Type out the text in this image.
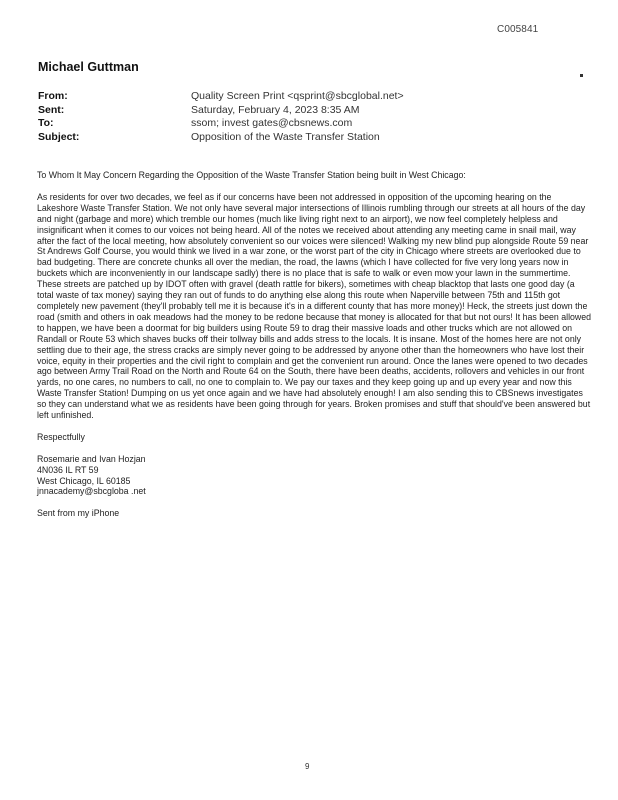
C005841
Michael Guttman
From:	Quality Screen Print <qsprint@sbcglobal.net>
Sent:	Saturday, February 4, 2023 8:35 AM
To:	ssom; invest gates@cbsnews.com
Subject:	Opposition of the Waste Transfer Station

To Whom It May Concern Regarding the Opposition of the Waste Transfer Station being built in West Chicago:

As residents for over two decades, we feel as if our concerns have been not addressed in opposition of the upcoming hearing on the Lakeshore Waste Transfer Station. We not only have several major intersections of Illinois rumbling through our streets at all hours of the day and night (garbage and more) which tremble our homes (much like living right next to an airport), we now feel completely helpless and insignificant when it comes to our voices not being heard. All of the notes we received about attending any meeting came in snail mail, way after the fact of the local meeting, how absolutely convenient so our voices were silenced! Walking my new blind pup alongside Route 59 near St Andrews Golf Course, you would think we lived in a war zone, or the worst part of the city in Chicago where streets are overlooked due to bad budgeting. There are concrete chunks all over the median, the road, the lawns (which I have collected for five very long years now in buckets which are inconveniently in our landscape sadly) there is no place that is safe to walk or even mow your lawn in the summertime. These streets are patched up by IDOT often with gravel (death rattle for bikers), sometimes with cheap blacktop that lasts one good day (a total waste of tax money) saying they ran out of funds to do anything else along this route when Naperville between 75th and 115th got completely new pavement (they'll probably tell me it is because it's in a different county that has more money)! Heck, the streets just down the road (smith and others in oak meadows had the money to be redone because that money is allocated for that but not ours! It has been allowed to happen, we have been a doormat for big builders using Route 59 to drag their massive loads and other trucks which are not allowed on Randall or Route 53 which shaves bucks off their tollway bills and adds stress to the locals. It is insane. Most of the homes here are not only settling due to their age, the stress cracks are simply never going to be addressed by anyone other than the homeowners who have lost their voice, equity in their properties and the civil right to complain and get the convenient run around. Once the lanes were opened to two decades ago between Army Trail Road on the North and Route 64 on the South, there have been deaths, accidents, rollovers and vehicles in our front yards, no one cares, no numbers to call, no one to complain to. We pay our taxes and they keep going up and up every year and now this Waste Transfer Station! Dumping on us yet once again and we have had absolutely enough! I am also sending this to CBSnews investigates so they can understand what we as residents have been going through for years. Broken promises and stuff that should've been answered but left unfinished.

Respectfully

Rosemarie and Ivan Hozjan
4N036 IL RT 59
West Chicago, IL 60185
jnnacademy@sbcgloba .net

Sent from my iPhone

9
